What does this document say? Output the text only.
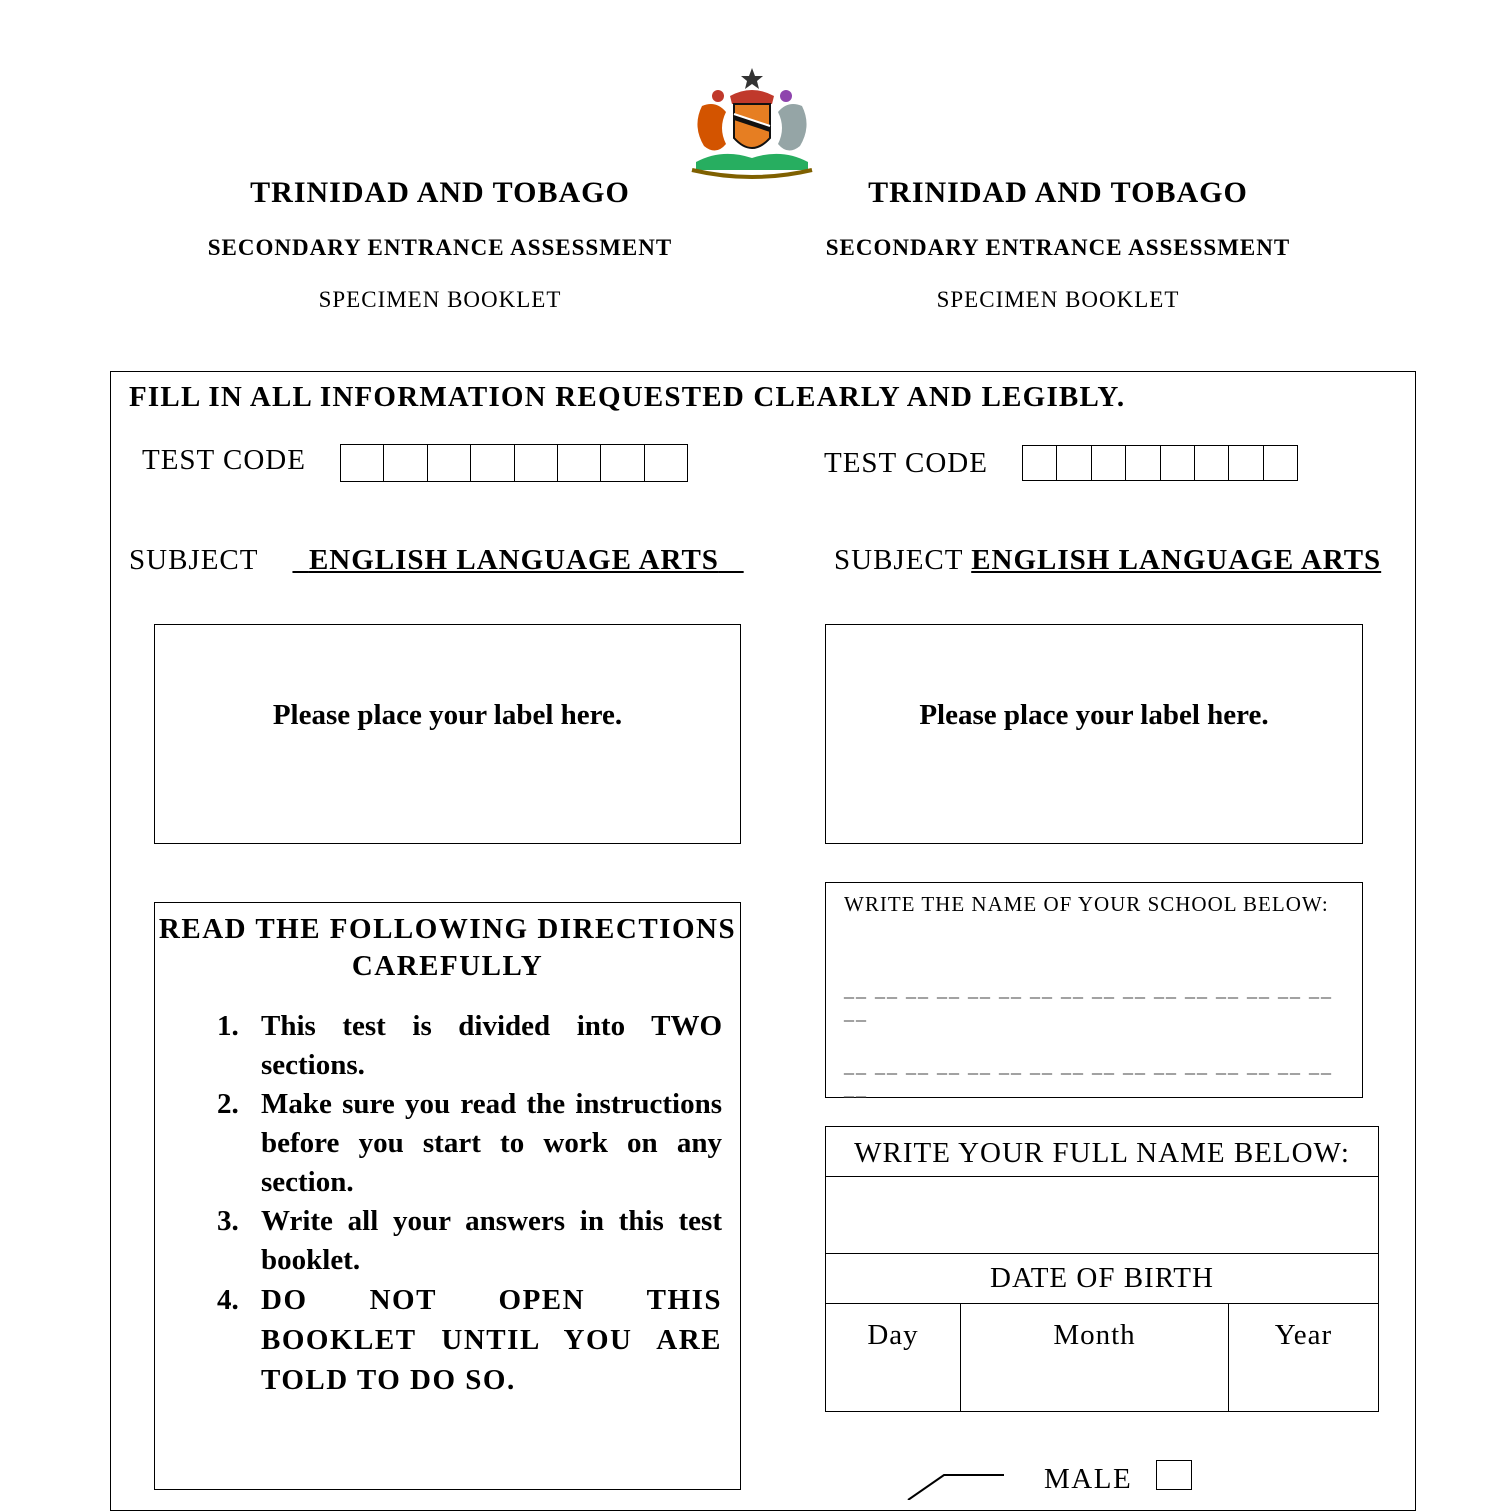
TRINIDAD AND TOBAGO
SECONDARY ENTRANCE ASSESSMENT
SPECIMEN BOOKLET
TRINIDAD AND TOBAGO
SECONDARY ENTRANCE ASSESSMENT
SPECIMEN BOOKLET
FILL IN ALL INFORMATION REQUESTED CLEARLY AND LEGIBLY.
TEST CODE	TEST CODE
SUBJECT ENGLISH LANGUAGE ARTS	SUBJECT ENGLISH LANGUAGE ARTS
Please place your label here.	Please place your label here.
READ THE FOLLOWING DIRECTIONS
CAREFULLY
1. This test is divided into TWO sections.
2. Make sure you read the instructions before you start to work on any section.
3. Write all your answers in this test booklet.
4. DO NOT OPEN THIS BOOKLET UNTIL YOU ARE TOLD TO DO SO.
WRITE THE NAME OF YOUR SCHOOL BELOW:
__ __ __ __ __ __ __ __ __ __ __ __ __ __ __ __ __
__ __ __ __ __ __ __ __ __ __ __ __ __ __ __ __ __
WRITE YOUR FULL NAME BELOW:
DATE OF BIRTH
Day	Month	Year
MALE
